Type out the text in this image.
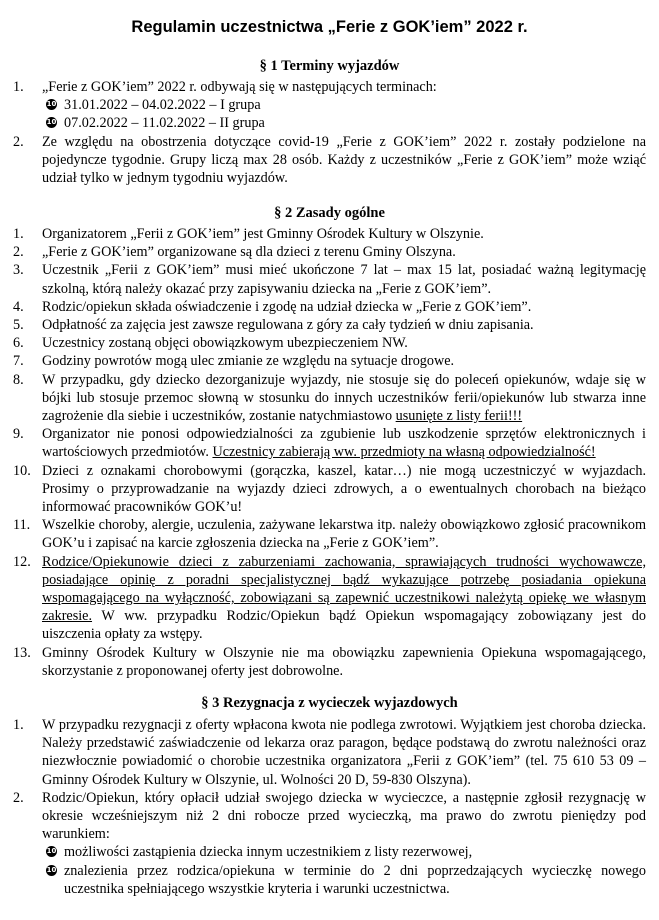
Regulamin uczestnictwa „Ferie z GOK’iem” 2022 r.
§ 1 Terminy wyjazdów
1. „Ferie z GOK’iem” 2022 r. odbywają się w następujących terminach:
10 31.01.2022 – 04.02.2022 – I grupa
10 07.02.2022 – 11.02.2022 – II grupa
2. Ze względu na obostrzenia dotyczące covid-19 „Ferie z GOK’iem” 2022 r. zostały podzielone na pojedyncze tygodnie. Grupy liczą max 28 osób. Każdy z uczestników „Ferie z GOK’iem” może wziąć udział tylko w jednym tygodniu wyjazdów.
§ 2 Zasady ogólne
1. Organizatorem „Ferii z GOK’iem” jest Gminny Ośrodek Kultury w Olszynie.
2. „Ferie z GOK’iem” organizowane są dla dzieci z terenu Gminy Olszyna.
3. Uczestnik „Ferii z GOK’iem” musi mieć ukończone 7 lat – max 15 lat, posiadać ważną legitymację szkolną, którą należy okazać przy zapisywaniu dziecka na „Ferie z GOK’iem”.
4. Rodzic/opiekun składa oświadczenie i zgodę na udział dziecka w „Ferie z GOK’iem”.
5. Odpłatność za zajęcia jest zawsze regulowana z góry za cały tydzień w dniu zapisania.
6. Uczestnicy zostaną objęci obowiązkowym ubezpieczeniem NW.
7. Godziny powrotów mogą ulec zmianie ze względu na sytuacje drogowe.
8. W przypadku, gdy dziecko dezorganizuje wyjazdy, nie stosuje się do poleceń opiekunów, wdaje się w bójki lub stosuje przemoc słowną w stosunku do innych uczestników ferii/opiekunów lub stwarza inne zagrożenie dla siebie i uczestników, zostanie natychmiastowo usunięte z listy ferii!!!
9. Organizator nie ponosi odpowiedzialności za zgubienie lub uszkodzenie sprzętów elektronicznych i wartościowych przedmiotów. Uczestnicy zabierają ww. przedmioty na własną odpowiedzialność!
10. Dzieci z oznakami chorobowymi (gorączka, kaszel, katar…) nie mogą uczestniczyć w wyjazdach. Prosimy o przyprowadzanie na wyjazdy dzieci zdrowych, a o ewentualnych chorobach na bieżąco informować pracowników GOK’u!
11. Wszelkie choroby, alergie, uczulenia, zażywane lekarstwa itp. należy obowiązkowo zgłosić pracownikom GOK’u i zapisać na karcie zgłoszenia dziecka na „Ferie z GOK’iem”.
12. Rodzice/Opiekunowie dzieci z zaburzeniami zachowania, sprawiających trudności wychowawcze, posiadające opinię z poradni specjalistycznej bądź wykazujące potrzebę posiadania opiekuna wspomagającego na wyłączność, zobowiązani są zapewnić uczestnikowi należytą opiekę we własnym zakresie. W ww. przypadku Rodzic/Opiekun bądź Opiekun wspomagający zobowiązany jest do uiszczenia opłaty za wstępy.
13. Gminny Ośrodek Kultury w Olszynie nie ma obowiązku zapewnienia Opiekuna wspomagającego, skorzystanie z proponowanej oferty jest dobrowolne.
§ 3 Rezygnacja z wycieczek wyjazdowych
1. W przypadku rezygnacji z oferty wpłacona kwota nie podlega zwrotowi. Wyjątkiem jest choroba dziecka. Należy przedstawić zaświadczenie od lekarza oraz paragon, będące podstawą do zwrotu należności oraz niezwłocznie powiadomić o chorobie uczestnika organizatora „Ferii z GOK’iem” (tel. 75 610 53 09 – Gminny Ośrodek Kultury w Olszynie, ul. Wolności 20 D, 59-830 Olszyna).
2. Rodzic/Opiekun, który opłacił udział swojego dziecka w wycieczce, a następnie zgłosił rezygnację w okresie wcześniejszym niż 2 dni robocze przed wycieczką, ma prawo do zwrotu pieniędzy pod warunkiem:
10 możliwości zastąpienia dziecka innym uczestnikiem z listy rezerwowej,
10 znalezienia przez rodzica/opiekuna w terminie do 2 dni poprzedzających wycieczkę nowego uczestnika spełniającego wszystkie kryteria i warunki uczestnictwa.
